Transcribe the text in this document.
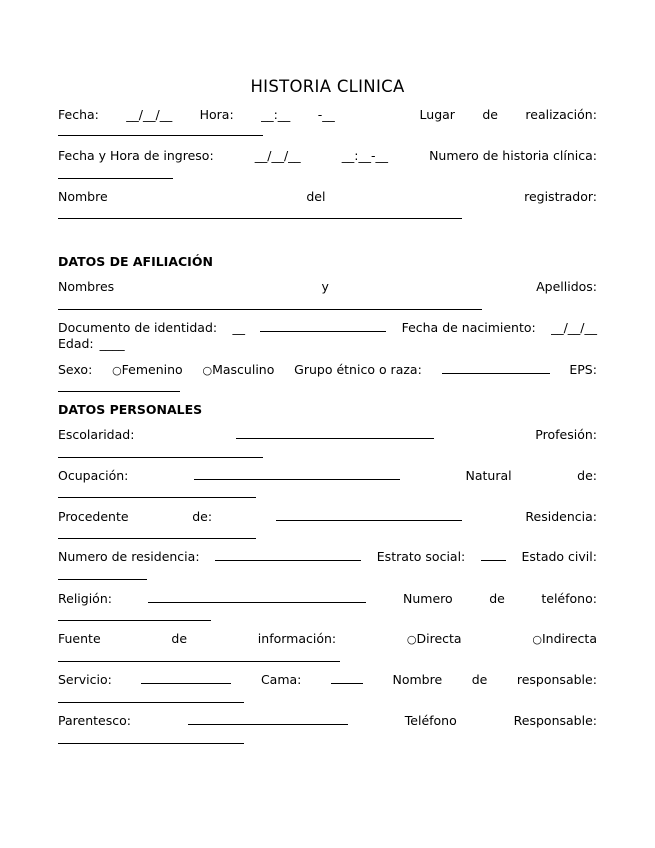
HISTORIA CLINICA
Fecha: __/__/__ Hora: __:__ -__	Lugar de realización:
Fecha y Hora de ingreso:	__/__/__	__:__-__	Numero de historia clínica:
Nombre	del	registrador:
DATOS DE AFILIACIÓN
Nombres	y	Apellidos:
Documento de identidad: __	Fecha de nacimiento: __/__/__
Edad: ____
Sexo: ○Femenino ○Masculino Grupo étnico o raza:	EPS:
DATOS PERSONALES
Escolaridad:	Profesión:
Ocupación:	Natural	de:
Procedente	de:	Residencia:
Numero de residencia:	Estrato social:	Estado civil:
Religión:	Numero	de	teléfono:
Fuente	de	información:	○Directa	○Indirecta
Servicio:	Cama:	Nombre de responsable:
Parentesco:	Teléfono	Responsable:
